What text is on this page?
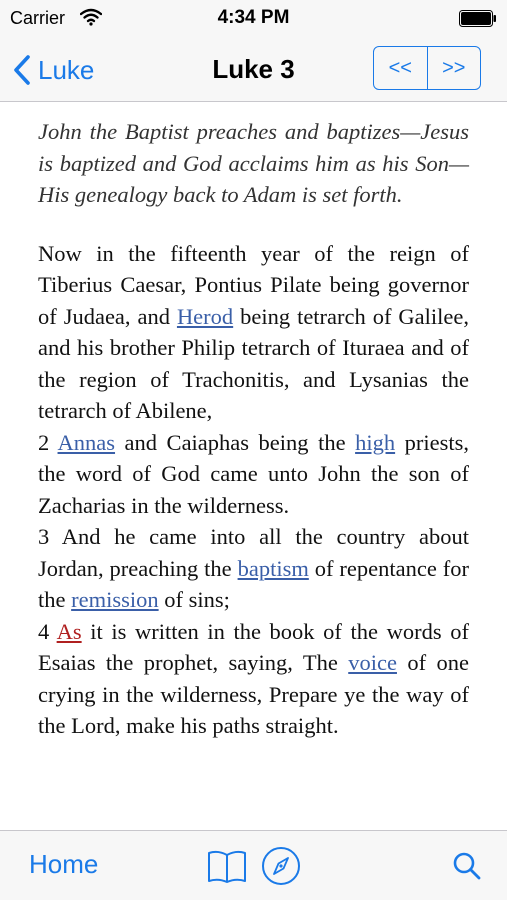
Carrier	4:34 PM
Luke	Luke 3	<<	>>
John the Baptist preaches and baptizes—Jesus is baptized and God acclaims him as his Son—His genealogy back to Adam is set forth.
Now in the fifteenth year of the reign of Tiberius Caesar, Pontius Pilate being governor of Judaea, and Herod being tetrarch of Galilee, and his brother Philip tetrarch of Ituraea and of the region of Trachonitis, and Lysanias the tetrarch of Abilene,
2 Annas and Caiaphas being the high priests, the word of God came unto John the son of Zacharias in the wilderness.
3 And he came into all the country about Jordan, preaching the baptism of repentance for the remission of sins;
4 As it is written in the book of the words of Esaias the prophet, saying, The voice of one crying in the wilderness, Prepare ye the way of the Lord, make his paths straight.
Home
